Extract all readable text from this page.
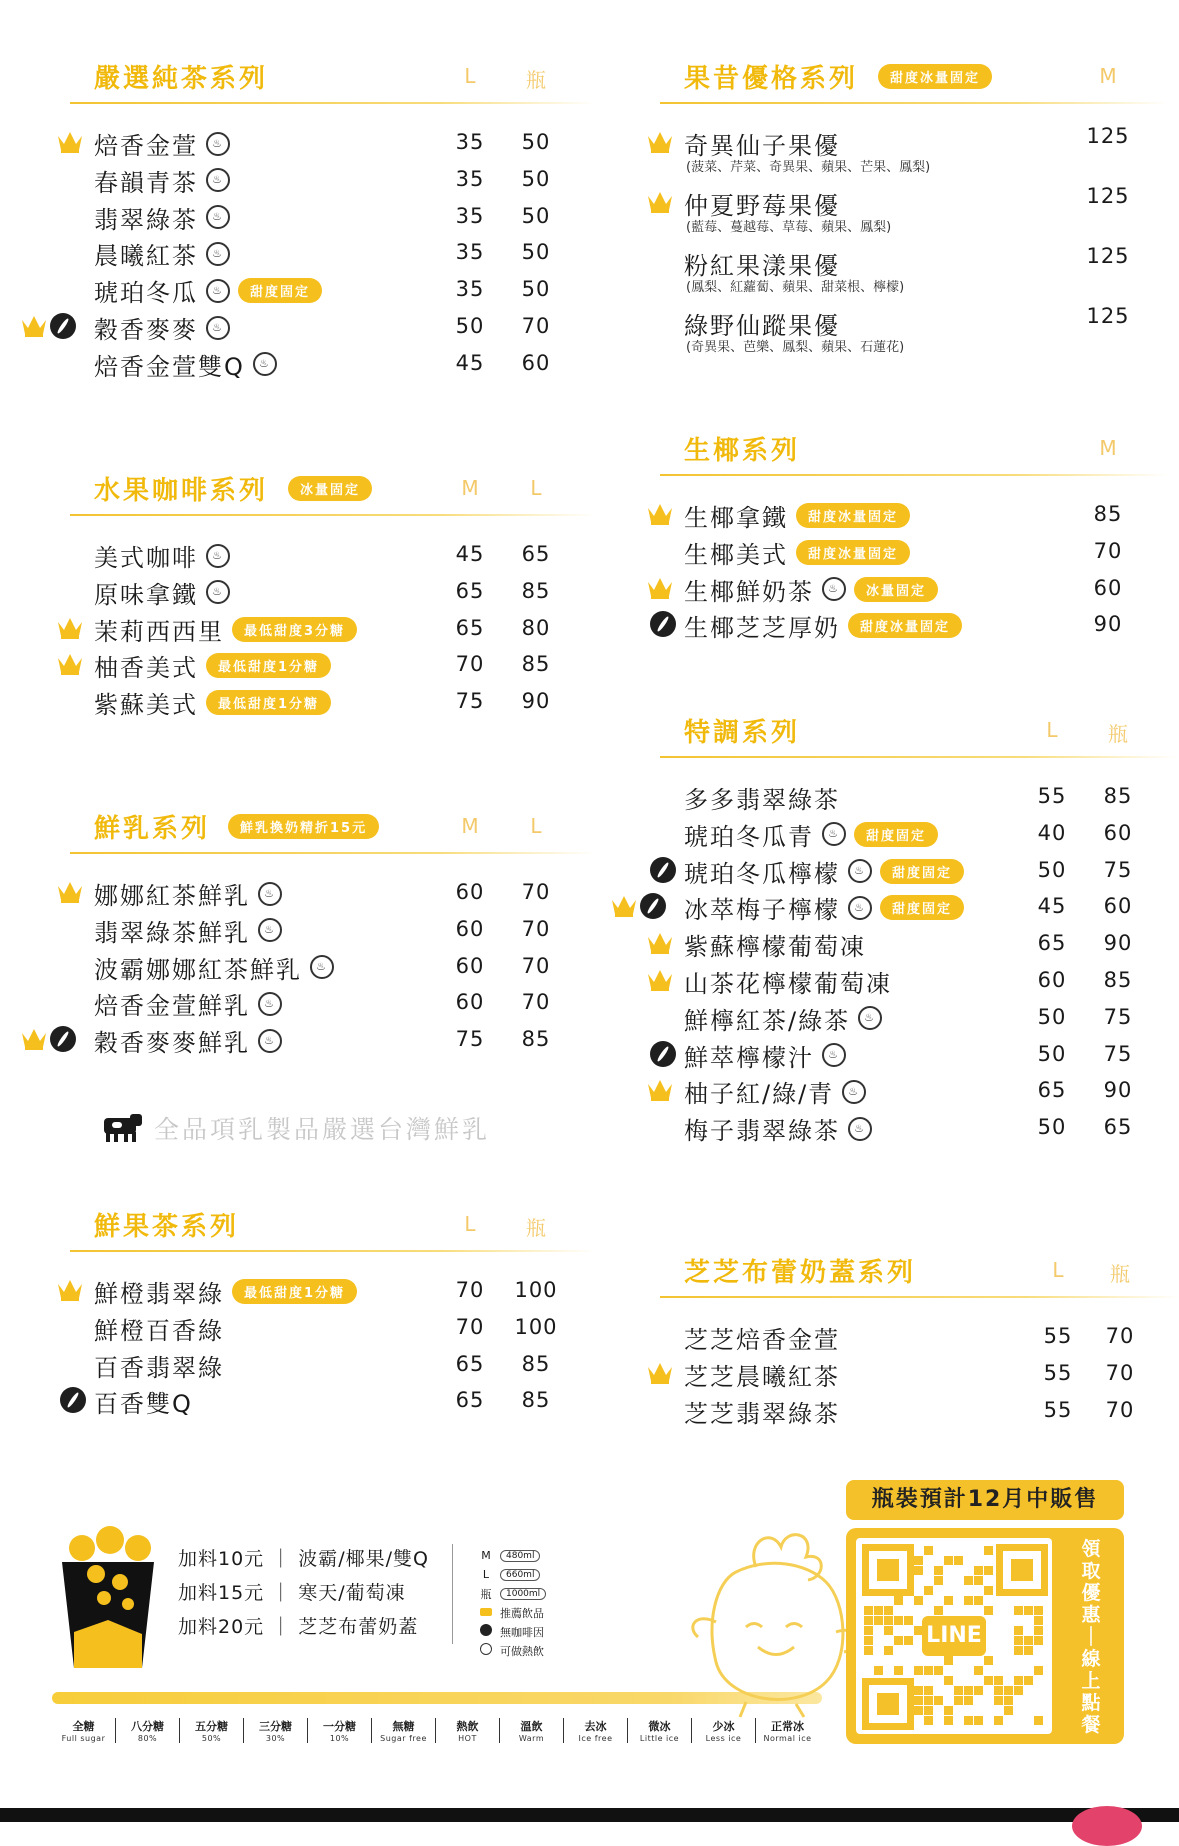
嚴選純茶系列	L	瓶
焙香金萱	♨	35	50
春韻青茶	♨	35	50
翡翠綠茶	♨	35	50
晨曦紅茶	♨	35	50
琥珀冬瓜	♨	甜度固定	35	50
穀香麥麥	♨	50	70
焙香金萱雙Q	♨	45	60
水果咖啡系列	冰量固定	M	L
美式咖啡	♨	45	65
原味拿鐵	♨	65	85
茉莉西西里	最低甜度3分糖	65	80
柚香美式	最低甜度1分糖	70	85
紫蘇美式	最低甜度1分糖	75	90
鮮乳系列	鮮乳換奶精折15元	M	L
娜娜紅茶鮮乳	♨	60	70
翡翠綠茶鮮乳	♨	60	70
波霸娜娜紅茶鮮乳	♨	60	70
焙香金萱鮮乳	♨	60	70
穀香麥麥鮮乳	♨	75	85
全品項乳製品嚴選台灣鮮乳
鮮果茶系列	L	瓶
鮮橙翡翠綠	最低甜度1分糖	70	100
鮮橙百香綠	70	100
百香翡翠綠	65	85
百香雙Q	65	85
果昔優格系列	甜度冰量固定	M
奇異仙子果優
(菠菜、芹菜、奇異果、蘋果、芒果、鳳梨)
125
仲夏野莓果優
(藍莓、蔓越莓、草莓、蘋果、鳳梨)
125
粉紅果漾果優
(鳳梨、紅蘿蔔、蘋果、甜菜根、檸檬)
125
綠野仙蹤果優
(奇異果、芭樂、鳳梨、蘋果、石蓮花)
125
生椰系列	M
生椰拿鐵	甜度冰量固定	85
生椰美式	甜度冰量固定	70
生椰鮮奶茶	♨	冰量固定	60
生椰芝芝厚奶	甜度冰量固定	90
特調系列	L	瓶
多多翡翠綠茶	55	85
琥珀冬瓜青	♨	甜度固定	40	60
琥珀冬瓜檸檬	♨	甜度固定	50	75
冰萃梅子檸檬	♨	甜度固定	45	60
紫蘇檸檬葡萄凍	65	90
山茶花檸檬葡萄凍	60	85
鮮檸紅茶/綠茶	♨	50	75
鮮萃檸檬汁	♨	50	75
柚子紅/綠/青	♨	65	90
梅子翡翠綠茶	♨	50	65
芝芝布蕾奶蓋系列	L	瓶
芝芝焙香金萱	55	70
芝芝晨曦紅茶	55	70
芝芝翡翠綠茶	55	70
加料10元 ｜ 波霸/椰果/雙Q
加料15元 ｜ 寒天/葡萄凍
加料20元 ｜ 芝芝布蕾奶蓋
M	480ml
L	660ml
瓶	1000ml
推薦飲品
無咖啡因
可做熱飲
全糖
Full sugar
八分糖
80%
五分糖
50%
三分糖
30%
一分糖
10%
無糖
Sugar free
熱飲
HOT
溫飲
Warm
去冰
Ice free
微冰
Little ice
少冰
Less ice
正常冰
Normal ice
瓶裝預計12月中販售
LINE
領取優惠｜線上點餐
